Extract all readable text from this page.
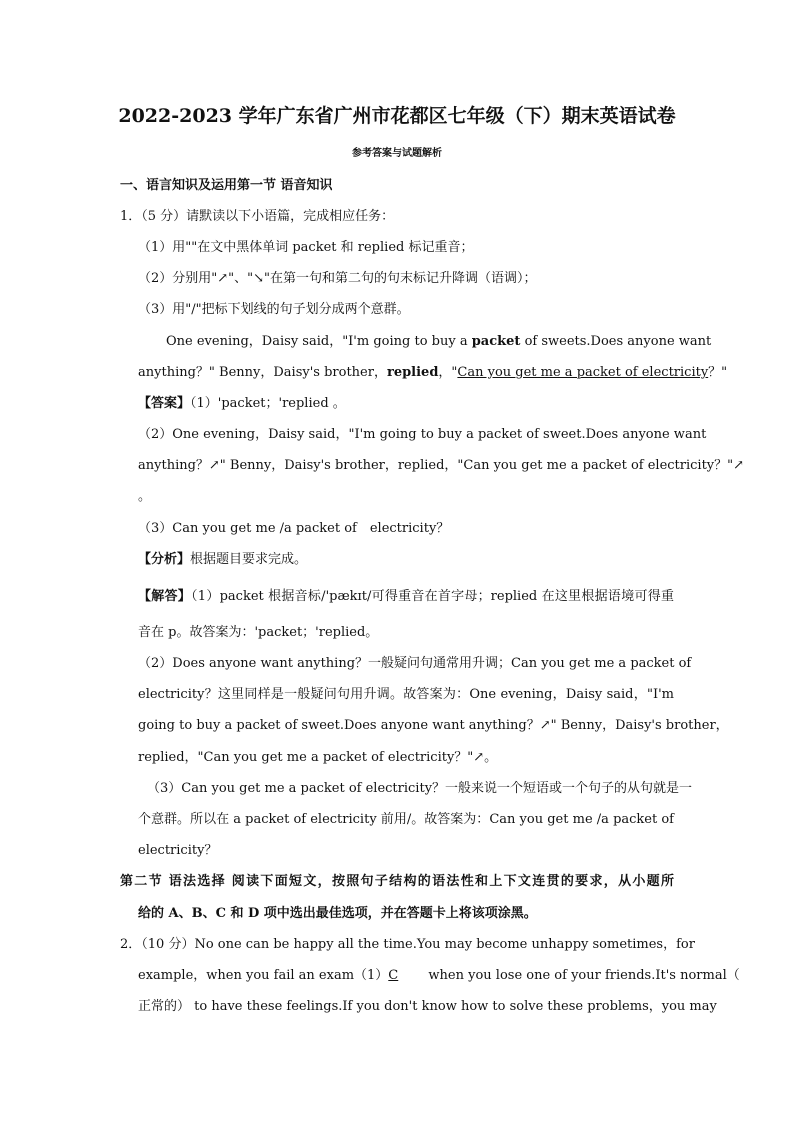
2022-2023 学年广东省广州市花都区七年级（下）期末英语试卷
参考答案与试题解析
一、语言知识及运用第一节 语音知识
1．（5 分）请默读以下小语篇，完成相应任务：
（1）用""在文中黑体单词 packet 和 replied 标记重音；
（2）分别用"↗"、"↘"在第一句和第二句的句末标记升降调（语调）；
（3）用"/"把标下划线的句子划分成两个意群。
One evening，Daisy said，"I'm going to buy a packet of sweets.Does anyone want
anything？" Benny，Daisy's brother，replied，"Can you get me a packet of electricity？"
【答案】（1）'packet；'replied 。
（2）One evening，Daisy said，"I'm going to buy a packet of sweet.Does anyone want
anything？↗" Benny，Daisy's brother，replied，"Can you get me a packet of electricity？"↗
。
（3）Can you get me /a packet of　electricity？
【分析】根据题目要求完成。
【解答】（1）packet 根据音标/'pækɪt/可得重音在首字母；replied 在这里根据语境可得重
音在 p。故答案为：'packet；'replied。
（2）Does anyone want anything？一般疑问句通常用升调；Can you get me a packet of
electricity？这里同样是一般疑问句用升调。故答案为：One evening，Daisy said，"I'm
going to buy a packet of sweet.Does anyone want anything？↗" Benny，Daisy's brother，
replied，"Can you get me a packet of electricity？"↗。
（3）Can you get me a packet of electricity？一般来说一个短语或一个句子的从句就是一
个意群。所以在 a packet of electricity 前用/。故答案为：Can you get me /a packet of
electricity？
第二节 语法选择 阅读下面短文，按照句子结构的语法性和上下文连贯的要求，从小题所
给的 A、B、C 和 D 项中选出最佳选项，并在答题卡上将该项涂黑。
2．（10 分）No one can be happy all the time.You may become unhappy sometimes，for
example，when you fail an exam（1）C when you lose one of your friends.It's normal（
正常的） to have these feelings.If you don't know how to solve these problems，you may
